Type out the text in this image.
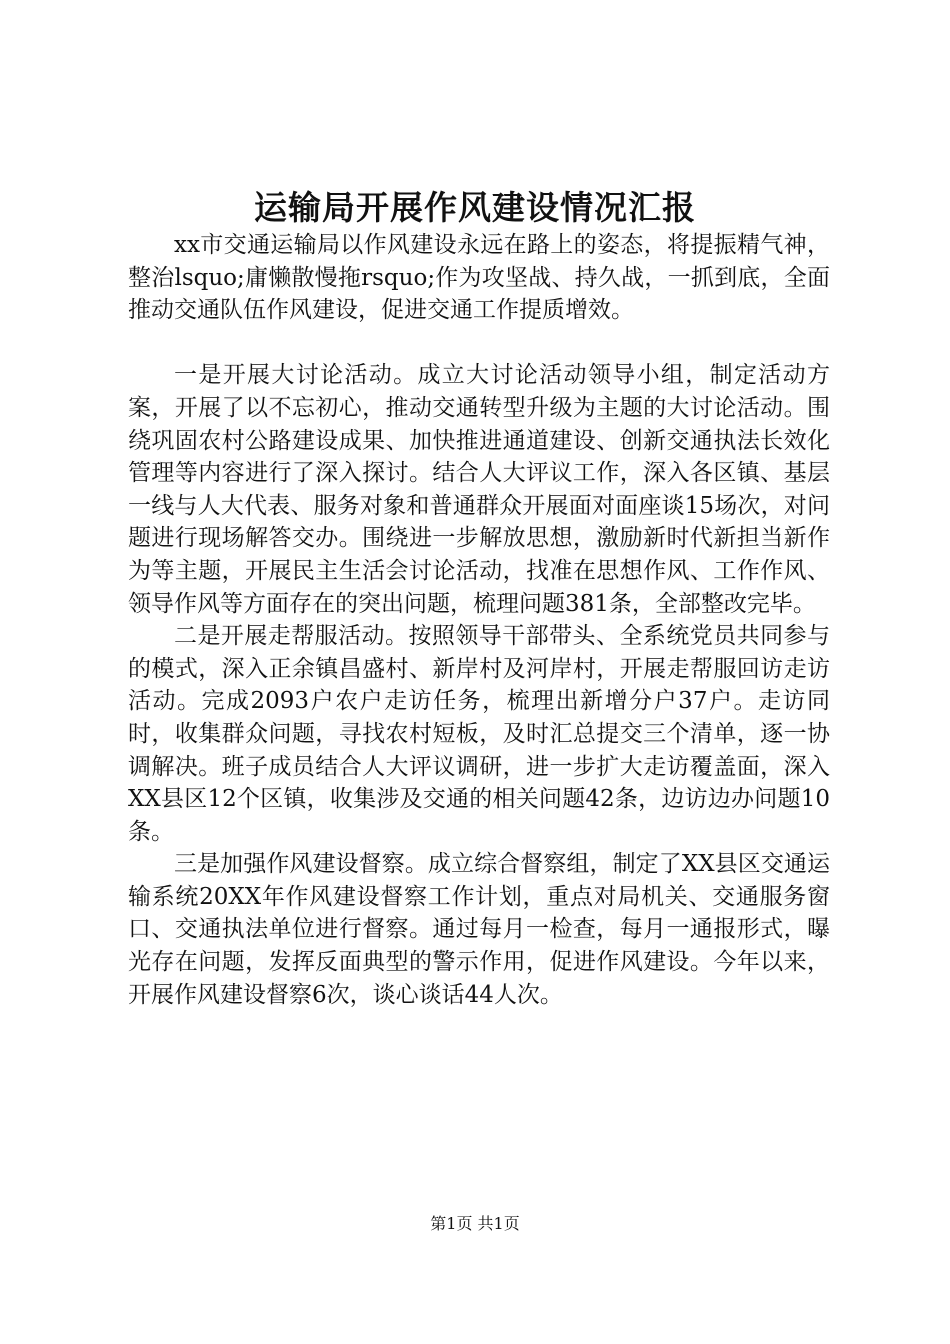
运输局开展作风建设情况汇报

xx市交通运输局以作风建设永远在路上的姿态，将提振精气神，整治lsquo;庸懒散慢拖rsquo;作为攻坚战、持久战，一抓到底，全面推动交通队伍作风建设，促进交通工作提质增效。

一是开展大讨论活动。成立大讨论活动领导小组，制定活动方案，开展了以不忘初心，推动交通转型升级为主题的大讨论活动。围绕巩固农村公路建设成果、加快推进通道建设、创新交通执法长效化管理等内容进行了深入探讨。结合人大评议工作，深入各区镇、基层一线与人大代表、服务对象和普通群众开展面对面座谈15场次，对问题进行现场解答交办。围绕进一步解放思想，激励新时代新担当新作为等主题，开展民主生活会讨论活动，找准在思想作风、工作作风、领导作风等方面存在的突出问题，梳理问题381条，全部整改完毕。

二是开展走帮服活动。按照领导干部带头、全系统党员共同参与的模式，深入正余镇昌盛村、新岸村及河岸村，开展走帮服回访走访活动。完成2093户农户走访任务，梳理出新增分户37户。走访同时，收集群众问题，寻找农村短板，及时汇总提交三个清单，逐一协调解决。班子成员结合人大评议调研，进一步扩大走访覆盖面，深入XX县区12个区镇，收集涉及交通的相关问题42条，边访边办问题10条。

三是加强作风建设督察。成立综合督察组，制定了XX县区交通运输系统20XX年作风建设督察工作计划，重点对局机关、交通服务窗口、交通执法单位进行督察。通过每月一检查，每月一通报形式，曝光存在问题，发挥反面典型的警示作用，促进作风建设。今年以来，开展作风建设督察6次，谈心谈话44人次。

第1页 共1页
